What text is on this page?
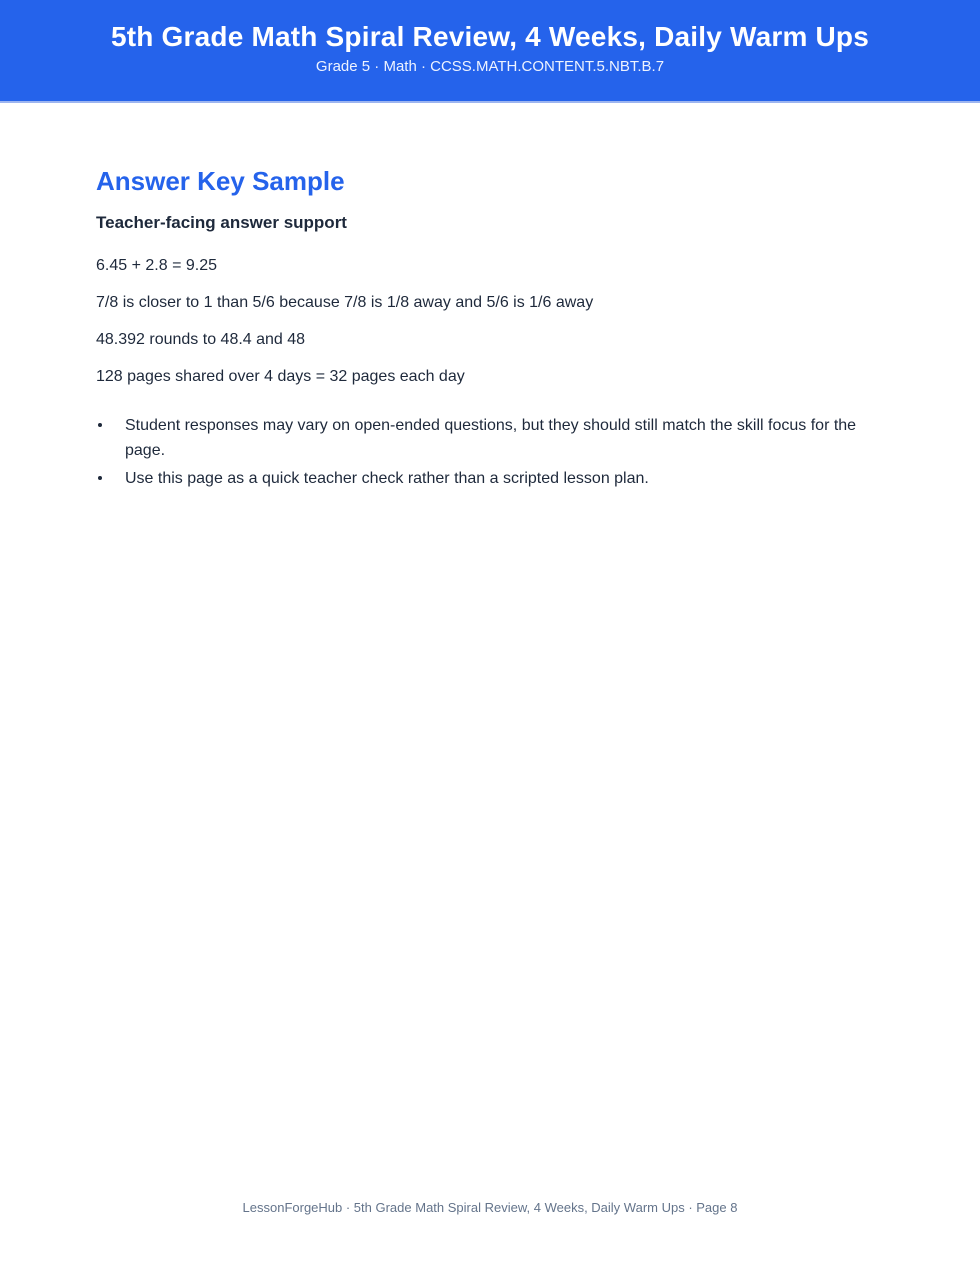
5th Grade Math Spiral Review, 4 Weeks, Daily Warm Ups
Grade 5 · Math · CCSS.MATH.CONTENT.5.NBT.B.7
Answer Key Sample
Teacher-facing answer support

6.45 + 2.8 = 9.25

7/8 is closer to 1 than 5/6 because 7/8 is 1/8 away and 5/6 is 1/6 away

48.392 rounds to 48.4 and 48

128 pages shared over 4 days = 32 pages each day

Student responses may vary on open-ended questions, but they should still match the skill focus for the page.
Use this page as a quick teacher check rather than a scripted lesson plan.
LessonForgeHub · 5th Grade Math Spiral Review, 4 Weeks, Daily Warm Ups · Page 8
